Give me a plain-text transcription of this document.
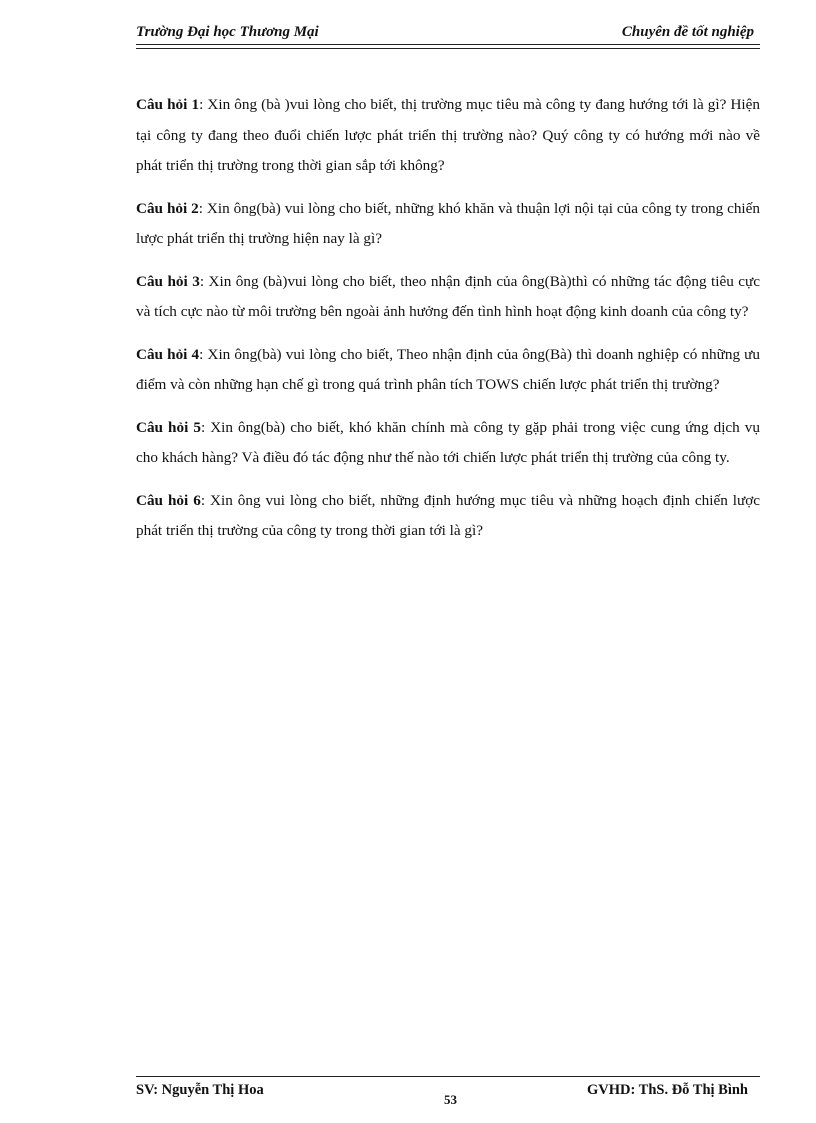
Trường Đại học Thương Mại	Chuyên đề tốt nghiệp

Câu hỏi 1: Xin ông (bà )vui lòng cho biết, thị trường mục tiêu mà công ty đang hướng tới là gì? Hiện tại công ty đang theo đuổi chiến lược phát triển thị trường nào? Quý công ty có hướng mới nào về phát triển thị trường trong thời gian sắp tới không?

Câu hỏi 2: Xin ông(bà) vui lòng cho biết, những khó khăn và thuận lợi nội tại của công ty trong chiến lược phát triển thị trường hiện nay là gì?

Câu hỏi 3: Xin ông (bà)vui lòng cho biết, theo nhận định của ông(Bà)thì có những tác động tiêu cực và tích cực nào từ môi trường bên ngoài ảnh hưởng đến tình hình hoạt động kinh doanh của công ty?

Câu hỏi 4: Xin ông(bà) vui lòng cho biết, Theo nhận định của ông(Bà) thì doanh nghiệp có những ưu điểm và còn những hạn chế gì trong quá trình phân tích TOWS chiến lược phát triển thị trường?

Câu hỏi 5: Xin ông(bà) cho biết, khó khăn chính mà công ty gặp phải trong việc cung ứng dịch vụ cho khách hàng? Và điều đó tác động như thế nào tới chiến lược phát triển thị trường của công ty.

Câu hỏi 6: Xin ông vui lòng cho biết, những định hướng mục tiêu và những hoạch định chiến lược phát triển thị trường của công ty trong thời gian tới là gì?

SV: Nguyễn Thị Hoa
53
GVHD: ThS. Đỗ Thị Bình
